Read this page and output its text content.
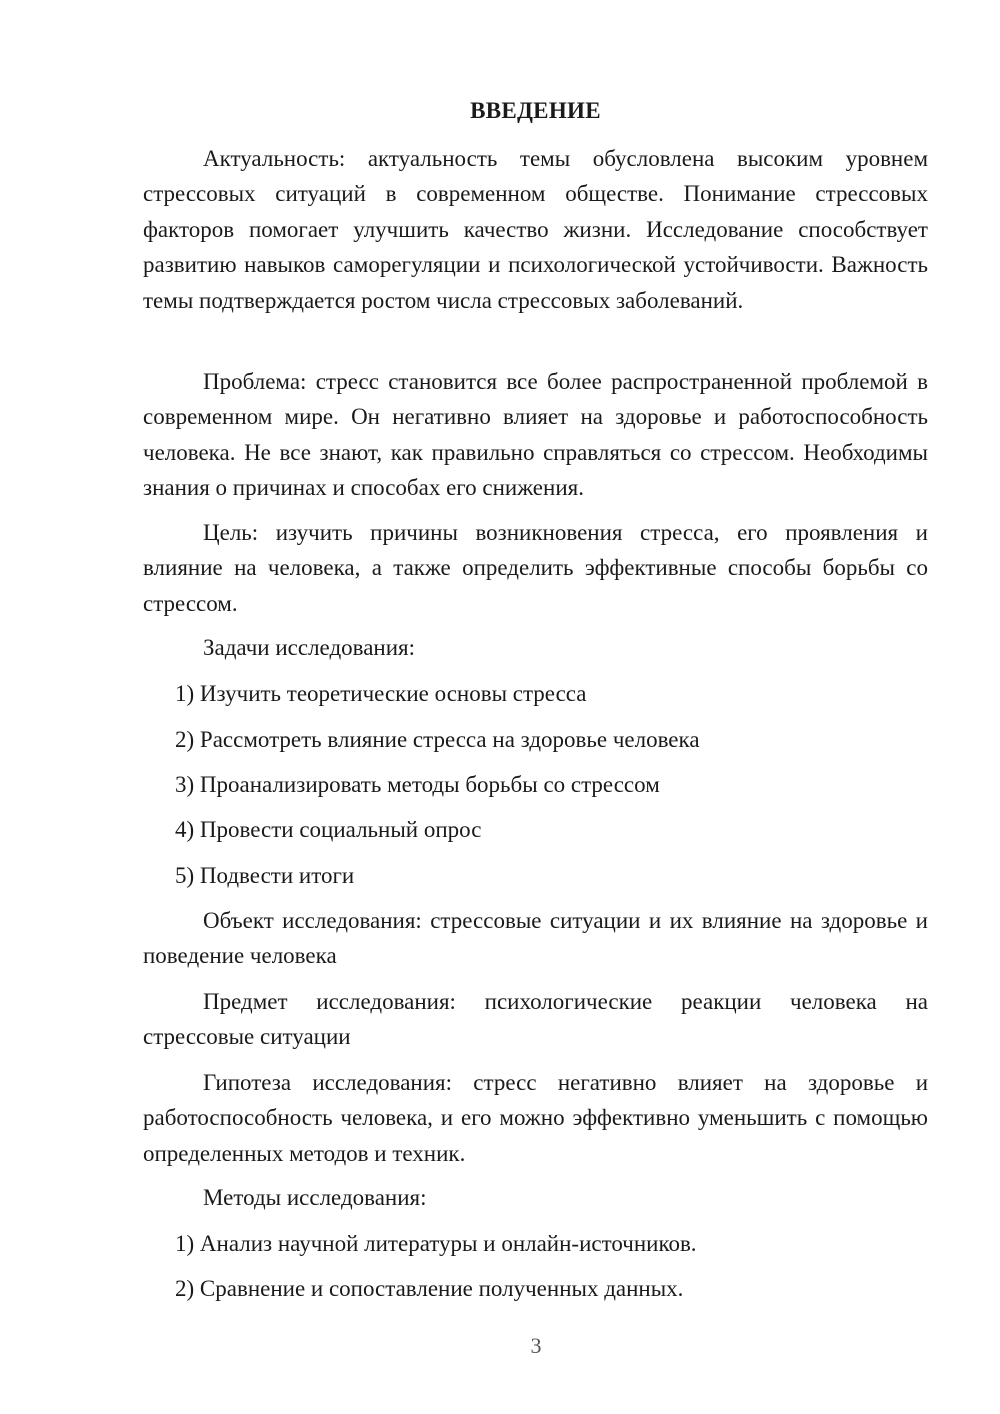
ВВЕДЕНИЕ

Актуальность: актуальность темы обусловлена высоким уровнем стрессовых ситуаций в современном обществе. Понимание стрессовых факторов помогает улучшить качество жизни. Исследование способствует развитию навыков саморегуляции и психологической устойчивости. Важность темы подтверждается ростом числа стрессовых заболеваний.

Проблема: стресс становится все более распространенной проблемой в современном мире. Он негативно влияет на здоровье и работоспособность человека. Не все знают, как правильно справляться со стрессом. Необходимы знания о причинах и способах его снижения.

Цель: изучить причины возникновения стресса, его проявления и влияние на человека, а также определить эффективные способы борьбы со стрессом.

Задачи исследования:

1) Изучить теоретические основы стресса

2) Рассмотреть влияние стресса на здоровье человека

3) Проанализировать методы борьбы со стрессом

4) Провести социальный опрос

5) Подвести итоги

Объект исследования: стрессовые ситуации и их влияние на здоровье и поведение человека

Предмет исследования: психологические реакции человека на стрессовые ситуации

Гипотеза исследования: стресс негативно влияет на здоровье и работоспособность человека, и его можно эффективно уменьшить с помощью определенных методов и техник.

Методы исследования:

1) Анализ научной литературы и онлайн-источников.

2) Сравнение и сопоставление полученных данных.

3
